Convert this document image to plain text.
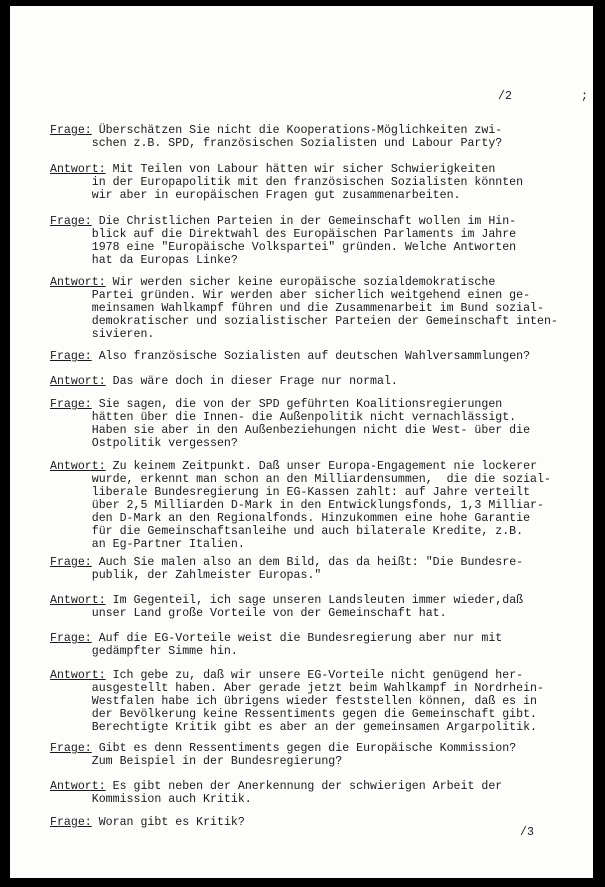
/2	;
Frage: Überschätzen Sie nicht die Kooperations-Möglichkeiten zwi-
schen z.B. SPD, französischen Sozialisten und Labour Party?
Antwort: Mit Teilen von Labour hätten wir sicher Schwierigkeiten
in der Europapolitik mit den französischen Sozialisten könnten
wir aber in europäischen Fragen gut zusammenarbeiten.
Frage: Die Christlichen Parteien in der Gemeinschaft wollen im Hin-
blick auf die Direktwahl des Europäischen Parlaments im Jahre
1978 eine "Europäische Volkspartei" gründen. Welche Antworten
hat da Europas Linke?
Antwort: Wir werden sicher keine europäische sozialdemokratische
Partei gründen. Wir werden aber sicherlich weitgehend einen ge-
meinsamen Wahlkampf führen und die Zusammenarbeit im Bund sozial-
demokratischer und sozialistischer Parteien der Gemeinschaft inten-
sivieren.
Frage: Also französische Sozialisten auf deutschen Wahlversammlungen?
Antwort: Das wäre doch in dieser Frage nur normal.
Frage: Sie sagen, die von der SPD geführten Koalitionsregierungen
hätten über die Innen- die Außenpolitik nicht vernachlässigt.
Haben sie aber in den Außenbeziehungen nicht die West- über die
Ostpolitik vergessen?
Antwort: Zu keinem Zeitpunkt. Daß unser Europa-Engagement nie lockerer
wurde, erkennt man schon an den Milliardensummen,  die die sozial-
liberale Bundesregierung in EG-Kassen zahlt: auf Jahre verteilt
über 2,5 Milliarden D-Mark in den Entwicklungsfonds, 1,3 Milliar-
den D-Mark an den Regionalfonds. Hinzukommen eine hohe Garantie
für die Gemeinschaftsanleihe und auch bilaterale Kredite, z.B.
an Eg-Partner Italien.
Frage: Auch Sie malen also an dem Bild, das da heißt: "Die Bundesre-
publik, der Zahlmeister Europas."
Antwort: Im Gegenteil, ich sage unseren Landsleuten immer wieder,daß
unser Land große Vorteile von der Gemeinschaft hat.
Frage: Auf die EG-Vorteile weist die Bundesregierung aber nur mit
gedämpfter Simme hin.
Antwort: Ich gebe zu, daß wir unsere EG-Vorteile nicht genügend her-
ausgestellt haben. Aber gerade jetzt beim Wahlkampf in Nordrhein-
Westfalen habe ich übrigens wieder feststellen können, daß es in
der Bevölkerung keine Ressentiments gegen die Gemeinschaft gibt.
Berechtigte Kritik gibt es aber an der gemeinsamen Argarpolitik.
Frage: Gibt es denn Ressentiments gegen die Europäische Kommission?
Zum Beispiel in der Bundesregierung?
Antwort: Es gibt neben der Anerkennung der schwierigen Arbeit der
Kommission auch Kritik.
Frage: Woran gibt es Kritik?
/3
